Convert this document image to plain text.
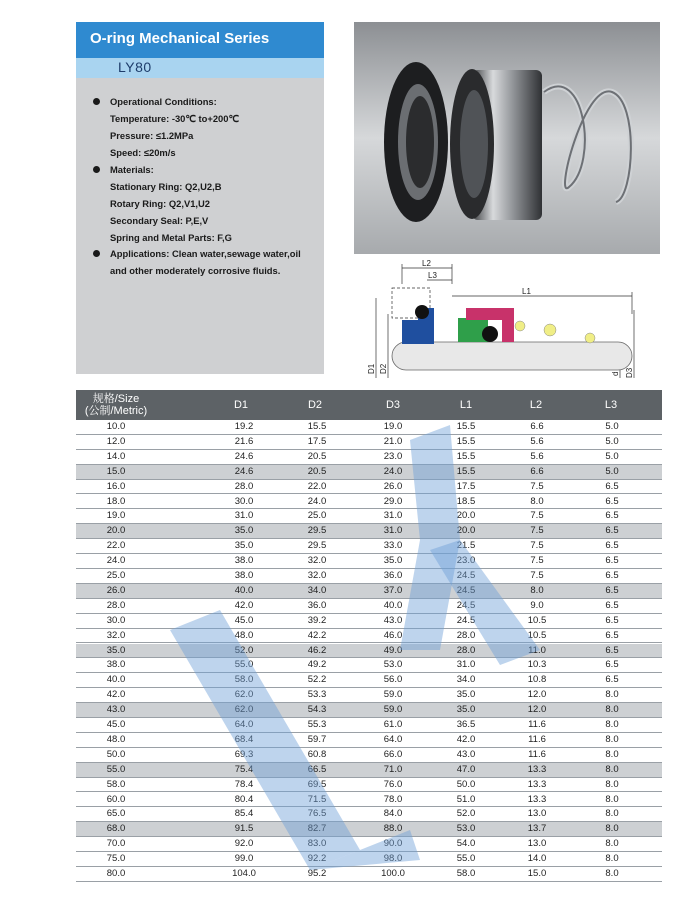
O-ring Mechanical Series
LY80
Operational Conditions:
Temperature: -30℃ to+200℃
Pressure: ≤1.2MPa
Speed: ≤20m/s
Materials:
Stationary Ring: Q2,U2,B
Rotary Ring: Q2,V1,U2
Secondary Seal: P,E,V
Spring and Metal Parts: F,G
Applications: Clean water,sewage water,oil
and other moderately corrosive fluids.
L2
L3
L1
D1 D2	d D3
规格/Size
(公制/Metric)	D1	D2	D3	L1	L2	L3
10.0	19.2	15.5	19.0	15.5	6.6	5.0
12.0	21.6	17.5	21.0	15.5	5.6	5.0
14.0	24.6	20.5	23.0	15.5	5.6	5.0
15.0	24.6	20.5	24.0	15.5	6.6	5.0
16.0	28.0	22.0	26.0	17.5	7.5	6.5
18.0	30.0	24.0	29.0	18.5	8.0	6.5
19.0	31.0	25.0	31.0	20.0	7.5	6.5
20.0	35.0	29.5	31.0	20.0	7.5	6.5
22.0	35.0	29.5	33.0	21.5	7.5	6.5
24.0	38.0	32.0	35.0	23.0	7.5	6.5
25.0	38.0	32.0	36.0	24.5	7.5	6.5
26.0	40.0	34.0	37.0	24.5	8.0	6.5
28.0	42.0	36.0	40.0	24.5	9.0	6.5
30.0	45.0	39.2	43.0	24.5	10.5	6.5
32.0	48.0	42.2	46.0	28.0	10.5	6.5
35.0	52.0	46.2	49.0	28.0	11.0	6.5
38.0	55.0	49.2	53.0	31.0	10.3	6.5
40.0	58.0	52.2	56.0	34.0	10.8	6.5
42.0	62.0	53.3	59.0	35.0	12.0	8.0
43.0	62.0	54.3	59.0	35.0	12.0	8.0
45.0	64.0	55.3	61.0	36.5	11.6	8.0
48.0	68.4	59.7	64.0	42.0	11.6	8.0
50.0	69.3	60.8	66.0	43.0	11.6	8.0
55.0	75.4	66.5	71.0	47.0	13.3	8.0
58.0	78.4	69.5	76.0	50.0	13.3	8.0
60.0	80.4	71.5	78.0	51.0	13.3	8.0
65.0	85.4	76.5	84.0	52.0	13.0	8.0
68.0	91.5	82.7	88.0	53.0	13.7	8.0
70.0	92.0	83.0	90.0	54.0	13.0	8.0
75.0	99.0	92.2	98.0	55.0	14.0	8.0
80.0	104.0	95.2	100.0	58.0	15.0	8.0
LY
